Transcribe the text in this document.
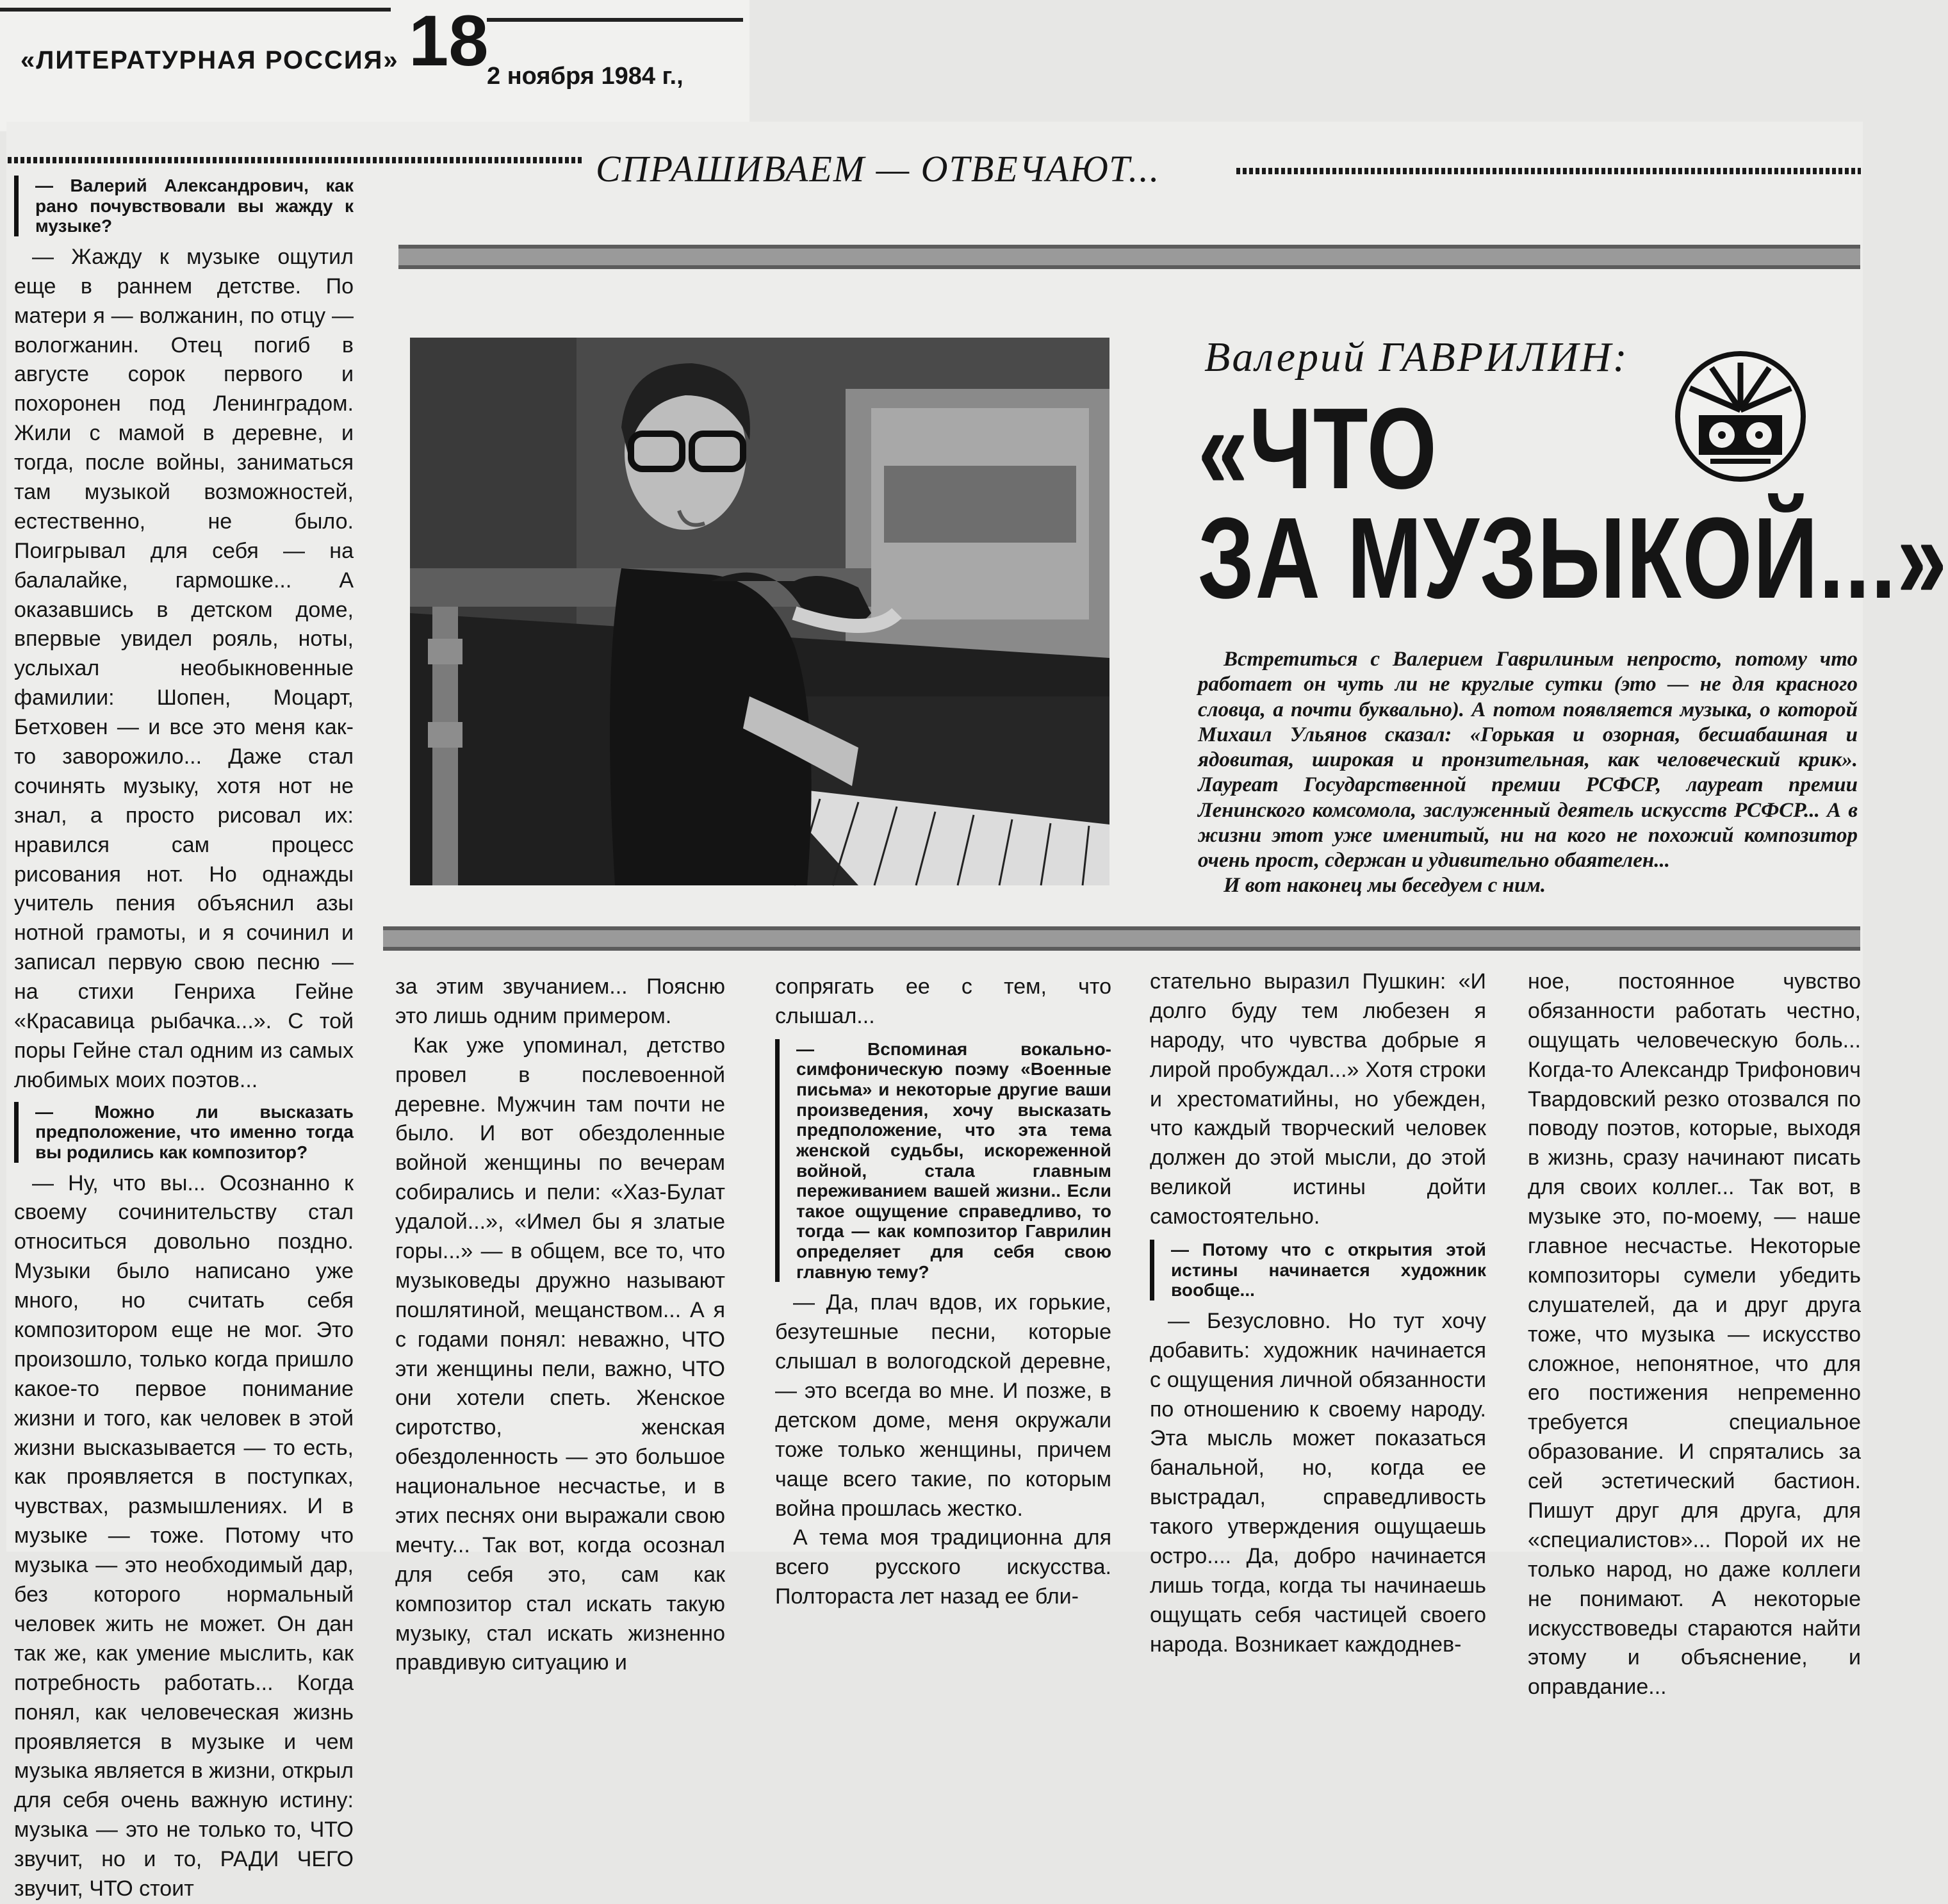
«ЛИТЕРАТУРНАЯ РОССИЯ» 18
2 ноября 1984 г.,
СПРАШИВАЕМ — ОТВЕЧАЮТ...
Валерий ГАВРИЛИН:
«ЧТО
ЗА МУЗЫКОЙ...»

Встретиться с Валерием Гаврилиным непросто, потому что работает он чуть ли не круглые сутки (это — не для красного словца, а почти буквально). А потом появляется музыка, о которой Михаил Ульянов сказал: «Горькая и озорная, бесшабашная и ядовитая, широкая и пронзительная, как человеческий крик». Лауреат Государственной премии РСФСР, лауреат премии Ленинского комсомола, заслуженный деятель искусств РСФСР... А в жизни этот уже именитый, ни на кого не похожий композитор очень прост, сдержан и удивительно обаятелен...

И вот наконец мы беседуем с ним.

— Валерий Александрович, как рано почувствовали вы жажду к музыке?

— Жажду к музыке ощутил еще в раннем детстве. По матери я — волжанин, по отцу — вологжанин. Отец погиб в августе сорок первого и похоронен под Ленинградом. Жили с мамой в деревне, и тогда, после войны, заниматься там музыкой возможностей, естественно, не было. Поигрывал для себя — на балалайке, гармошке... А оказавшись в детском доме, впервые увидел рояль, ноты, услыхал необыкновенные фамилии: Шопен, Моцарт, Бетховен — и все это меня как-то заворожило... Даже стал сочинять музыку, хотя нот не знал, а просто рисовал их: нравился сам процесс рисования нот. Но однажды учитель пения объяснил азы нотной грамоты, и я сочинил и записал первую свою песню — на стихи Генриха Гейне «Красавица рыбачка...». С той поры Гейне стал одним из самых любимых моих поэтов...

— Можно ли высказать предположение, что именно тогда вы родились как композитор?

— Ну, что вы... Осознанно к своему сочинительству стал относиться довольно поздно. Музыки было написано уже много, но считать себя композитором еще не мог. Это произошло, только когда пришло какое-то первое понимание жизни и того, как человек в этой жизни высказывается — то есть, как проявляется в поступках, чувствах, размышлениях. И в музыке — тоже. Потому что музыка — это необходимый дар, без которого нормальный человек жить не может. Он дан так же, как умение мыслить, как потребность работать... Когда понял, как человеческая жизнь проявляется в музыке и чем музыка является в жизни, открыл для себя очень важную истину: музыка — это не только то, ЧТО звучит, но и то, РАДИ ЧЕГО звучит, ЧТО стоит

за этим звучанием... Поясню это лишь одним примером.

Как уже упоминал, детство провел в послевоенной деревне. Мужчин там почти не было. И вот обездоленные войной женщины по вечерам собирались и пели: «Хаз-Булат удалой...», «Имел бы я златые горы...» — в общем, все то, что музыковеды дружно называют пошлятиной, мещанством... А я с годами понял: неважно, ЧТО эти женщины пели, важно, ЧТО они хотели спеть. Женское сиротство, женская обездоленность — это большое национальное несчастье, и в этих песнях они выражали свою мечту... Так вот, когда осознал для себя это, сам как композитор стал искать такую музыку, стал искать жизненно правдивую ситуацию и

сопрягать ее с тем, что слышал...

— Вспоминая вокально-симфоническую поэму «Военные письма» и некоторые другие ваши произведения, хочу высказать предположение, что эта тема женской судьбы, искореженной войной, стала главным переживанием вашей жизни.. Если такое ощущение справедливо, то тогда — как композитор Гаврилин определяет для себя свою главную тему?

— Да, плач вдов, их горькие, безутешные песни, которые слышал в вологодской деревне, — это всегда во мне. И позже, в детском доме, меня окружали тоже только женщины, причем чаще всего такие, по которым война прошлась жестко.

А тема моя традиционна для всего русского искусства. Полтораста лет назад ее бли-

стательно выразил Пушкин: «И долго буду тем любезен я народу, что чувства добрые я лирой пробуждал...» Хотя строки и хрестоматийны, но убежден, что каждый творческий человек должен до этой мысли, до этой великой истины дойти самостоятельно.

— Потому что с открытия этой истины начинается художник вообще...

— Безусловно. Но тут хочу добавить: художник начинается с ощущения личной обязанности по отношению к своему народу. Эта мысль может показаться банальной, но, когда ее выстрадал, справедливость такого утверждения ощущаешь остро.... Да, добро начинается лишь тогда, когда ты начинаешь ощущать себя частицей своего народа. Возникает каждоднев-

ное, постоянное чувство обязанности работать честно, ощущать человеческую боль... Когда-то Александр Трифонович Твардовский резко отозвался по поводу поэтов, которые, выходя в жизнь, сразу начинают писать для своих коллег... Так вот, в музыке это, по-моему, — наше главное несчастье. Некоторые композиторы сумели убедить слушателей, да и друг друга тоже, что музыка — искусство сложное, непонятное, что для его постижения непременно требуется специальное образование. И спрятались за сей эстетический бастион. Пишут друг для друга, для «специалистов»... Порой их не только народ, но даже коллеги не понимают. А некоторые искусствоведы стараются найти этому и объяснение, и оправдание...
